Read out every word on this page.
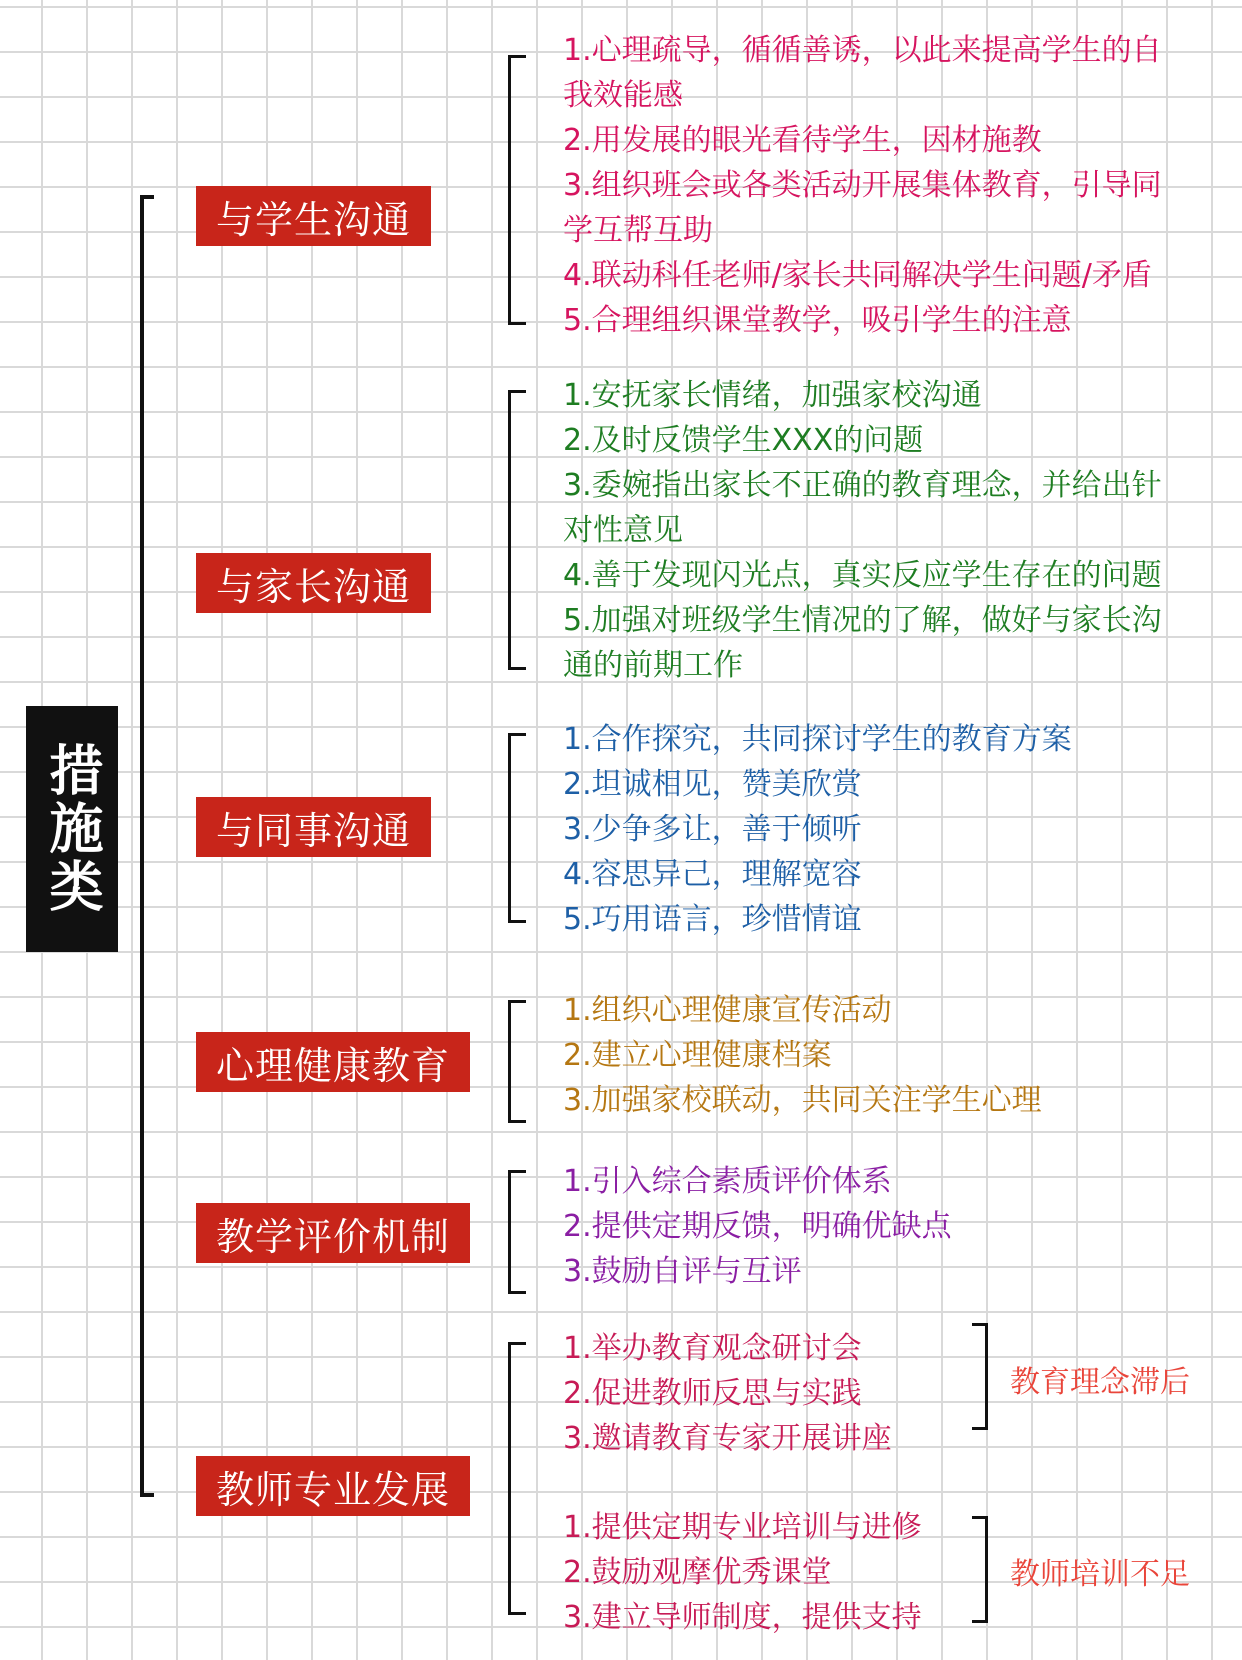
措施类
与学生沟通
1.心理疏导，循循善诱，以此来提高学生的自
我效能感
2.用发展的眼光看待学生，因材施教
3.组织班会或各类活动开展集体教育，引导同
学互帮互助
4.联动科任老师/家长共同解决学生问题/矛盾
5.合理组织课堂教学，吸引学生的注意
与家长沟通
1.安抚家长情绪，加强家校沟通
2.及时反馈学生XXX的问题
3.委婉指出家长不正确的教育理念，并给出针
对性意见
4.善于发现闪光点，真实反应学生存在的问题
5.加强对班级学生情况的了解，做好与家长沟
通的前期工作
与同事沟通
1.合作探究，共同探讨学生的教育方案
2.坦诚相见，赞美欣赏
3.少争多让，善于倾听
4.容思异己，理解宽容
5.巧用语言，珍惜情谊
心理健康教育
1.组织心理健康宣传活动
2.建立心理健康档案
3.加强家校联动，共同关注学生心理
教学评价机制
1.引入综合素质评价体系
2.提供定期反馈，明确优缺点
3.鼓励自评与互评
教师专业发展
1.举办教育观念研讨会
2.促进教师反思与实践
3.邀请教育专家开展讲座
教育理念滞后
1.提供定期专业培训与进修
2.鼓励观摩优秀课堂
3.建立导师制度，提供支持
教师培训不足
